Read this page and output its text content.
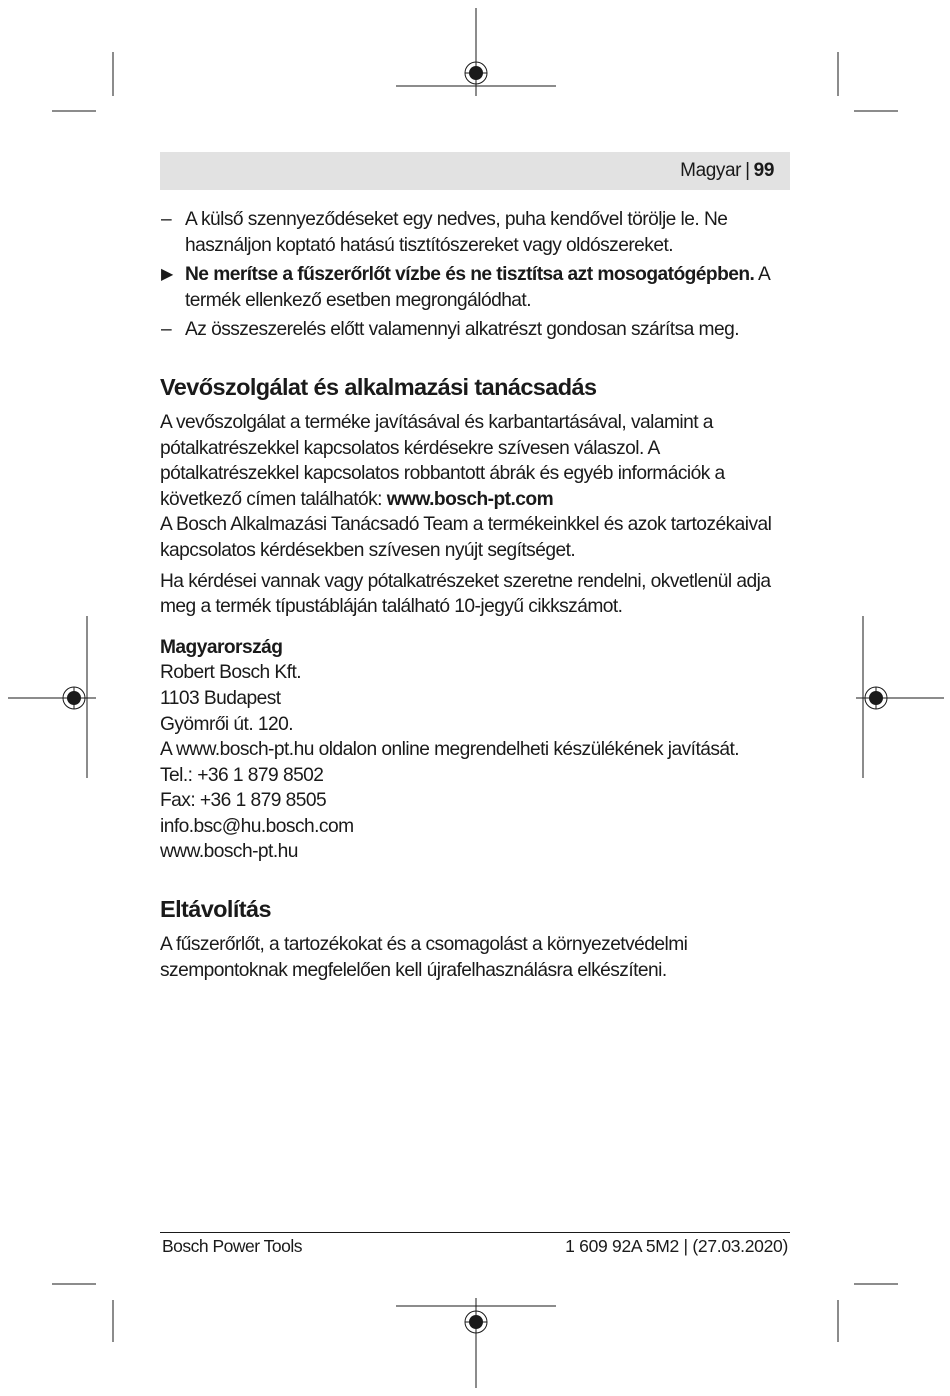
Magyar | 99
– A külső szennyeződéseket egy nedves, puha kendővel törölje le. Ne használjon koptató hatású tisztítószereket vagy oldószereket.
▶ Ne merítse a fűszerőrlőt vízbe és ne tisztítsa azt mosogatógépben. A termék ellenkező esetben megrongálódhat.
– Az összeszerelés előtt valamennyi alkatrészt gondosan szárítsa meg.
Vevőszolgálat és alkalmazási tanácsadás

A vevőszolgálat a terméke javításával és karbantartásával, valamint a pótalkatrészekkel kapcsolatos kérdésekre szívesen válaszol. A pótalkatrészekkel kapcsolatos robbantott ábrák és egyéb információk a következő címen találhatók: www.bosch-pt.com

A Bosch Alkalmazási Tanácsadó Team a termékeinkkel és azok tartozékaival kapcsolatos kérdésekben szívesen nyújt segítséget.

Ha kérdései vannak vagy pótalkatrészeket szeretne rendelni, okvetlenül adja meg a termék típustábláján található 10-jegyű cikkszámot.

Magyarország
Robert Bosch Kft.
1103 Budapest
Gyömrői út. 120.
A www.bosch-pt.hu oldalon online megrendelheti készülékének javítását.
Tel.: +36 1 879 8502
Fax: +36 1 879 8505
info.bsc@hu.bosch.com
www.bosch-pt.hu
Eltávolítás

A fűszerőrlőt, a tartozékokat és a csomagolást a környezetvédelmi szempontoknak megfelelően kell újrafelhasználásra elkészíteni.

Bosch Power Tools	1 609 92A 5M2 | (27.03.2020)
